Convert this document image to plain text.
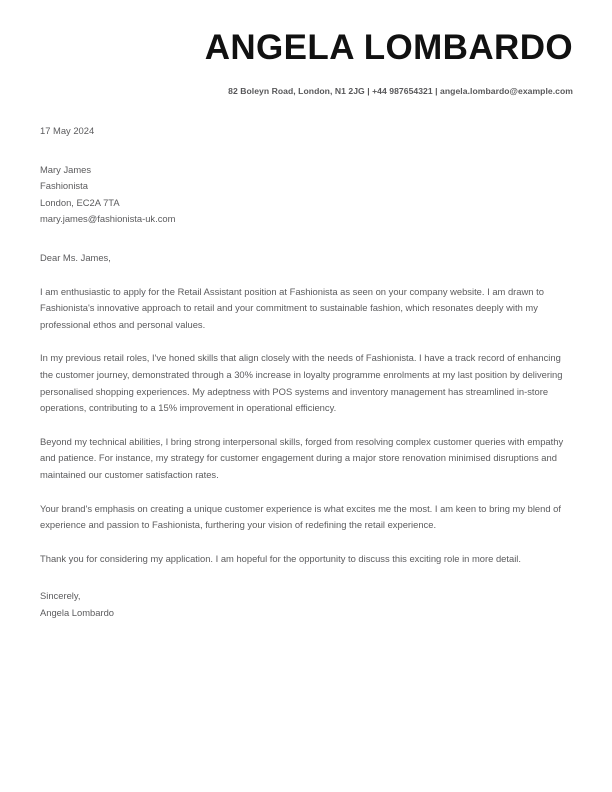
ANGELA LOMBARDO
82 Boleyn Road, London, N1 2JG | +44 987654321 | angela.lombardo@example.com
17 May 2024
Mary James
Fashionista
London, EC2A 7TA
mary.james@fashionista-uk.com
Dear Ms. James,
I am enthusiastic to apply for the Retail Assistant position at Fashionista as seen on your company website. I am drawn to Fashionista's innovative approach to retail and your commitment to sustainable fashion, which resonates deeply with my professional ethos and personal values.
In my previous retail roles, I've honed skills that align closely with the needs of Fashionista. I have a track record of enhancing the customer journey, demonstrated through a 30% increase in loyalty programme enrolments at my last position by delivering personalised shopping experiences. My adeptness with POS systems and inventory management has streamlined in-store operations, contributing to a 15% improvement in operational efficiency.
Beyond my technical abilities, I bring strong interpersonal skills, forged from resolving complex customer queries with empathy and patience. For instance, my strategy for customer engagement during a major store renovation minimised disruptions and maintained our customer satisfaction rates.
Your brand's emphasis on creating a unique customer experience is what excites me the most. I am keen to bring my blend of experience and passion to Fashionista, furthering your vision of redefining the retail experience.
Thank you for considering my application. I am hopeful for the opportunity to discuss this exciting role in more detail.
Sincerely,
Angela Lombardo
